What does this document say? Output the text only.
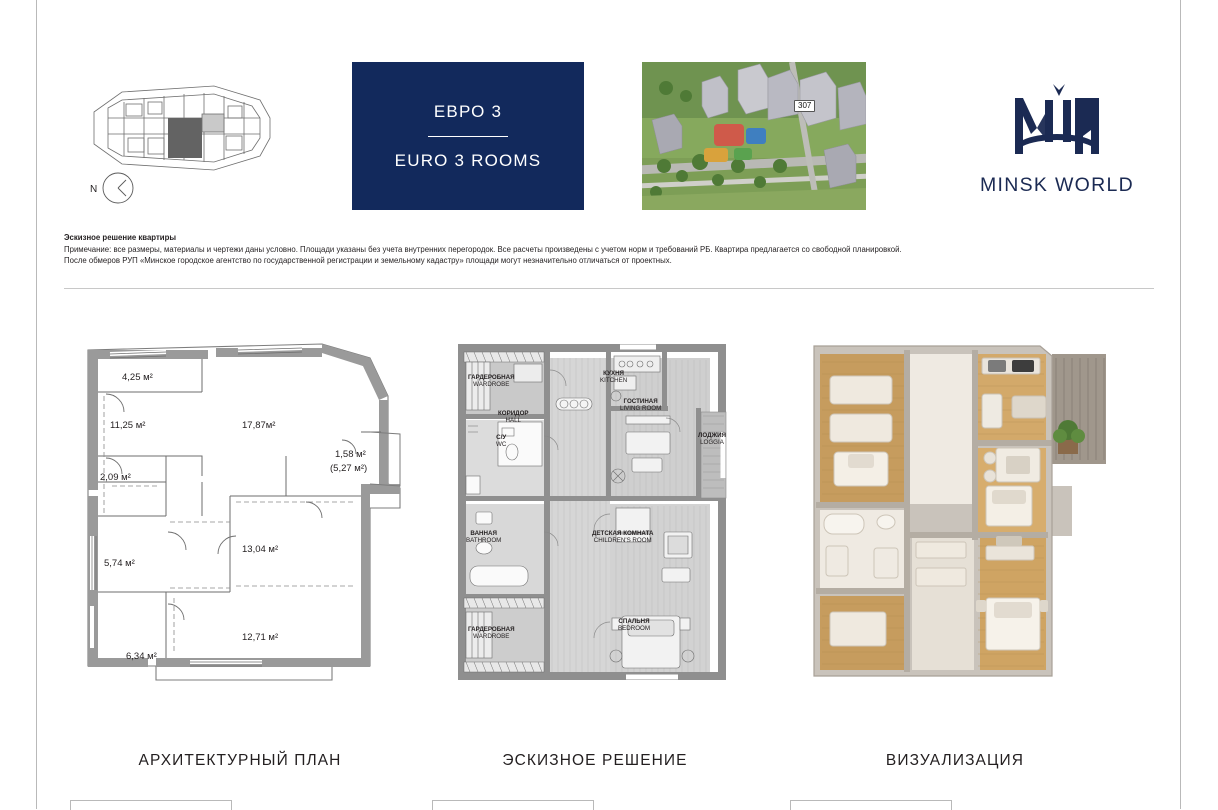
N
ЕВРО 3
EURO 3 ROOMS
307
MINSK WORLD
Эскизное решение квартиры

Примечание: все размеры, материалы и чертежи даны условно. Площади указаны без учета внутренних перегородок. Все расчеты произведены с учетом норм и требований РБ. Квартира предлагается со свободной планировкой.

После обмеров РУП «Минское городское агентство по государственной регистрации и земельному кадастру» площади могут незначительно отличаться от проектных.

4,25 м²
11,25 м²	17,87м²
1,58 м²
(5,27 м²)
2,09 м²
5,74 м²
13,04 м²
6,34 м²
12,71 м²
ГАРДЕРОБНАЯ
WARDROBE
КУХНЯ
KITCHEN
КОРИДОР
HALL
ГОСТИНАЯ
LIVING ROOM
ЛОДЖИЯ
LOGGIA
С/У
WC
ВАННАЯ
BATHROOM
ДЕТСКАЯ КОМНАТА
CHILDREN'S ROOM
ГАРДЕРОБНАЯ
WARDROBE
СПАЛЬНЯ
BEDROOM
АРХИТЕКТУРНЫЙ ПЛАН	ЭСКИЗНОЕ РЕШЕНИЕ	ВИЗУАЛИЗАЦИЯ
